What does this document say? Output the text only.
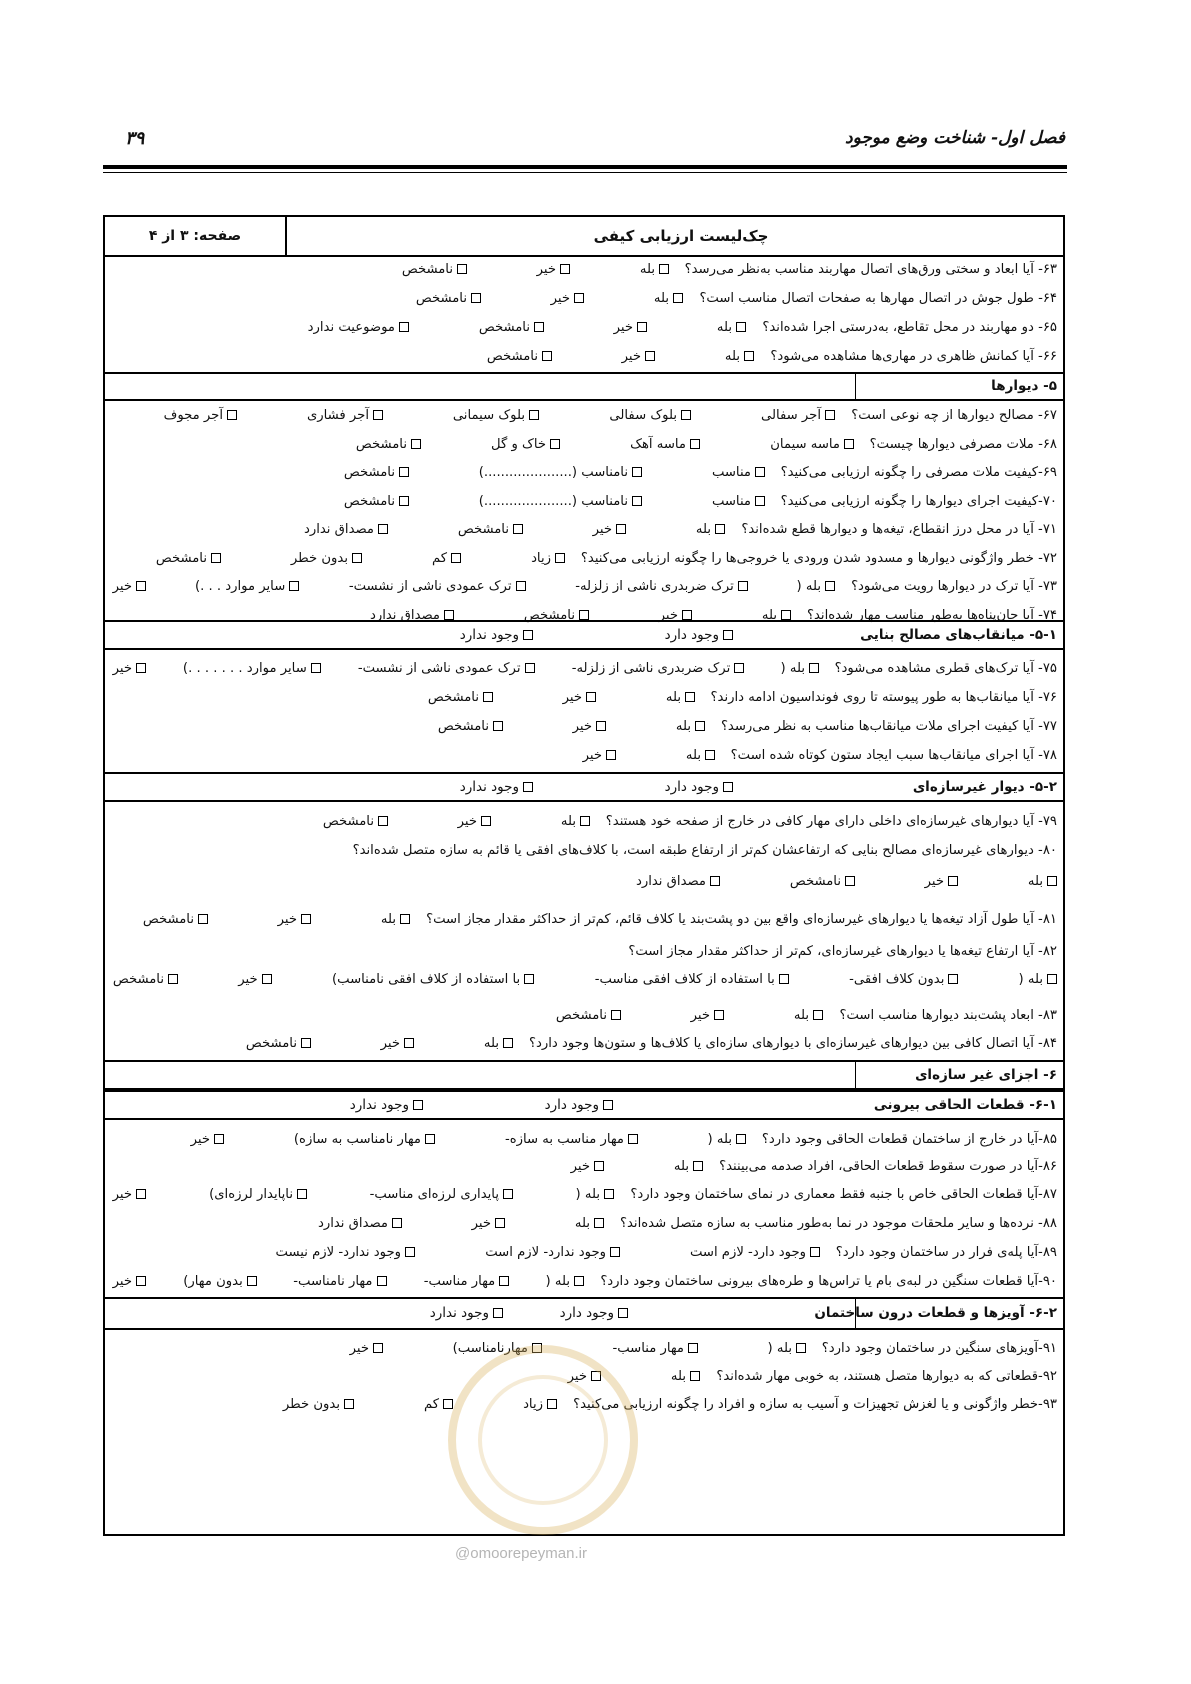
فصل اول- شناخت وضع موجود
۳۹
چک‌لیست ارزیابی کیفی
صفحه: ۳ از ۴
۶۳- آیا ابعاد و سختی ورق‌های اتصال مهاربند مناسب به‌نظر می‌رسد؟
بله
خیر
نامشخص
۶۴- طول جوش در اتصال مهارها به صفحات اتصال مناسب است؟
بله
خیر
نامشخص
۶۵- دو مهاربند در محل تقاطع، به‌درستی اجرا شده‌اند؟
بله
خیر
نامشخص
موضوعیت ندارد
۶۶- آیا کمانش ظاهری در مهاری‌ها مشاهده می‌شود؟
بله
خیر
نامشخص
۵- دیوارها
۶۷- مصالح دیوارها از چه نوعی است؟
آجر سفالی
بلوک سفالی
بلوک سیمانی
آجر فشاری
آجر مجوف
۶۸- ملات مصرفی دیوارها چیست؟
ماسه سیمان
ماسه آهک
خاک و گل
نامشخص
۶۹-کیفیت ملات مصرفی را چگونه ارزیابی می‌کنید؟
مناسب
نامناسب (.....................)
نامشخص
۷۰-کیفیت اجرای دیوارها را چگونه ارزیابی می‌کنید؟
مناسب
نامناسب (.....................)
نامشخص
۷۱- آیا در محل درز انقطاع، تیغه‌ها و دیوارها قطع شده‌اند؟
بله
خیر
نامشخص
مصداق ندارد
۷۲- خطر واژگونی دیوارها و مسدود شدن ورودی یا خروجی‌ها را چگونه ارزیابی می‌کنید؟
زیاد
کم
بدون خطر
نامشخص
۷۳- آیا ترک در دیوارها رویت می‌شود؟
بله (
ترک ضربدری ناشی از زلزله-
ترک عمودی ناشی از نشست-
سایر موارد . . .)
خیر
۷۴- آیا جان‌پناه‌ها به‌طور مناسب مهار شده‌اند؟
بله
خیر
نامشخص
مصداق ندارد
۵-۱- میانقاب‌های مصالح بنایی
وجود دارد
وجود ندارد
۷۵- آیا ترک‌های قطری مشاهده می‌شود؟
بله (
ترک ضربدری ناشی از زلزله-
ترک عمودی ناشی از نشست-
سایر موارد . . . . . . .)
خیر
۷۶- آیا میانقاب‌ها به طور پیوسته تا روی فونداسیون ادامه دارند؟
بله
خیر
نامشخص
۷۷- آیا کیفیت اجرای ملات میانقاب‌ها مناسب به نظر می‌رسد؟
بله
خیر
نامشخص
۷۸- آیا اجرای میانقاب‌ها سبب ایجاد ستون کوتاه شده است؟
بله
خیر
۵-۲- دیوار غیرسازه‌ای
وجود دارد
وجود ندارد
۷۹- آیا دیوارهای غیرسازه‌ای داخلی دارای مهار کافی در خارج از صفحه خود هستند؟
بله
خیر
نامشخص
۸۰- دیوارهای غیرسازه‌ای مصالح بنایی که ارتفاعشان کم‌تر از ارتفاع طبقه است، با کلاف‌های افقی یا قائم به سازه متصل شده‌اند؟
بله
خیر
نامشخص
مصداق ندارد
۸۱- آیا طول آزاد تیغه‌ها یا دیوارهای غیرسازه‌ای واقع بین دو پشت‌بند یا کلاف قائم، کم‌تر از حداکثر مقدار مجاز است؟
بله
خیر
نامشخص
۸۲- آیا ارتفاع تیغه‌ها یا دیوارهای غیرسازه‌ای، کم‌تر از حداکثر مقدار مجاز است؟
بله (
بدون کلاف افقی-
با استفاده از کلاف افقی مناسب-
با استفاده از کلاف افقی نامناسب)
خیر
نامشخص
۸۳- ابعاد پشت‌بند دیوارها مناسب است؟
بله
خیر
نامشخص
۸۴- آیا اتصال کافی بین دیوارهای غیرسازه‌ای با دیوارهای سازه‌ای یا کلاف‌ها و ستون‌ها وجود دارد؟
بله
خیر
نامشخص
۶- اجزای غیر سازه‌ای
۶-۱- قطعات الحاقی بیرونی
وجود دارد
وجود ندارد
۸۵-آیا در خارج از ساختمان قطعات الحاقی وجود دارد؟
بله (
مهار مناسب به سازه-
مهار نامناسب به سازه)
خیر
۸۶-آیا در صورت سقوط قطعات الحاقی، افراد صدمه می‌بینند؟
بله
خیر
۸۷-آیا قطعات الحاقی خاص با جنبه فقط معماری در نمای ساختمان وجود دارد؟
بله (
پایداری لرزه‌ای مناسب-
ناپایدار لرزه‌ای)
خیر
۸۸- نرده‌ها و سایر ملحقات موجود در نما به‌طور مناسب به سازه متصل شده‌اند؟
بله
خیر
مصداق ندارد
۸۹-آیا پله‌ی فرار در ساختمان وجود دارد؟
وجود دارد- لازم است
وجود ندارد- لازم است
وجود ندارد- لازم نیست
۹۰-آیا قطعات سنگین در لبه‌ی بام یا تراس‌ها و طره‌های بیرونی ساختمان وجود دارد؟
بله (
مهار مناسب-
مهار نامناسب-
بدون مهار)
خیر
۶-۲- آویزها و قطعات درون ساختمان
وجود دارد
وجود ندارد
۹۱-آویزهای سنگین در ساختمان وجود دارد؟
بله (
مهار مناسب-
مهارنامناسب)
خیر
۹۲-قطعاتی که به دیوارها متصل هستند، به خوبی مهار شده‌اند؟
بله
خیر
۹۳-خطر واژگونی و یا لغزش تجهیزات و آسیب به سازه و افراد را چگونه ارزیابی می‌کنید؟
زیاد
کم
بدون خطر
@omoorepeyman.ir
